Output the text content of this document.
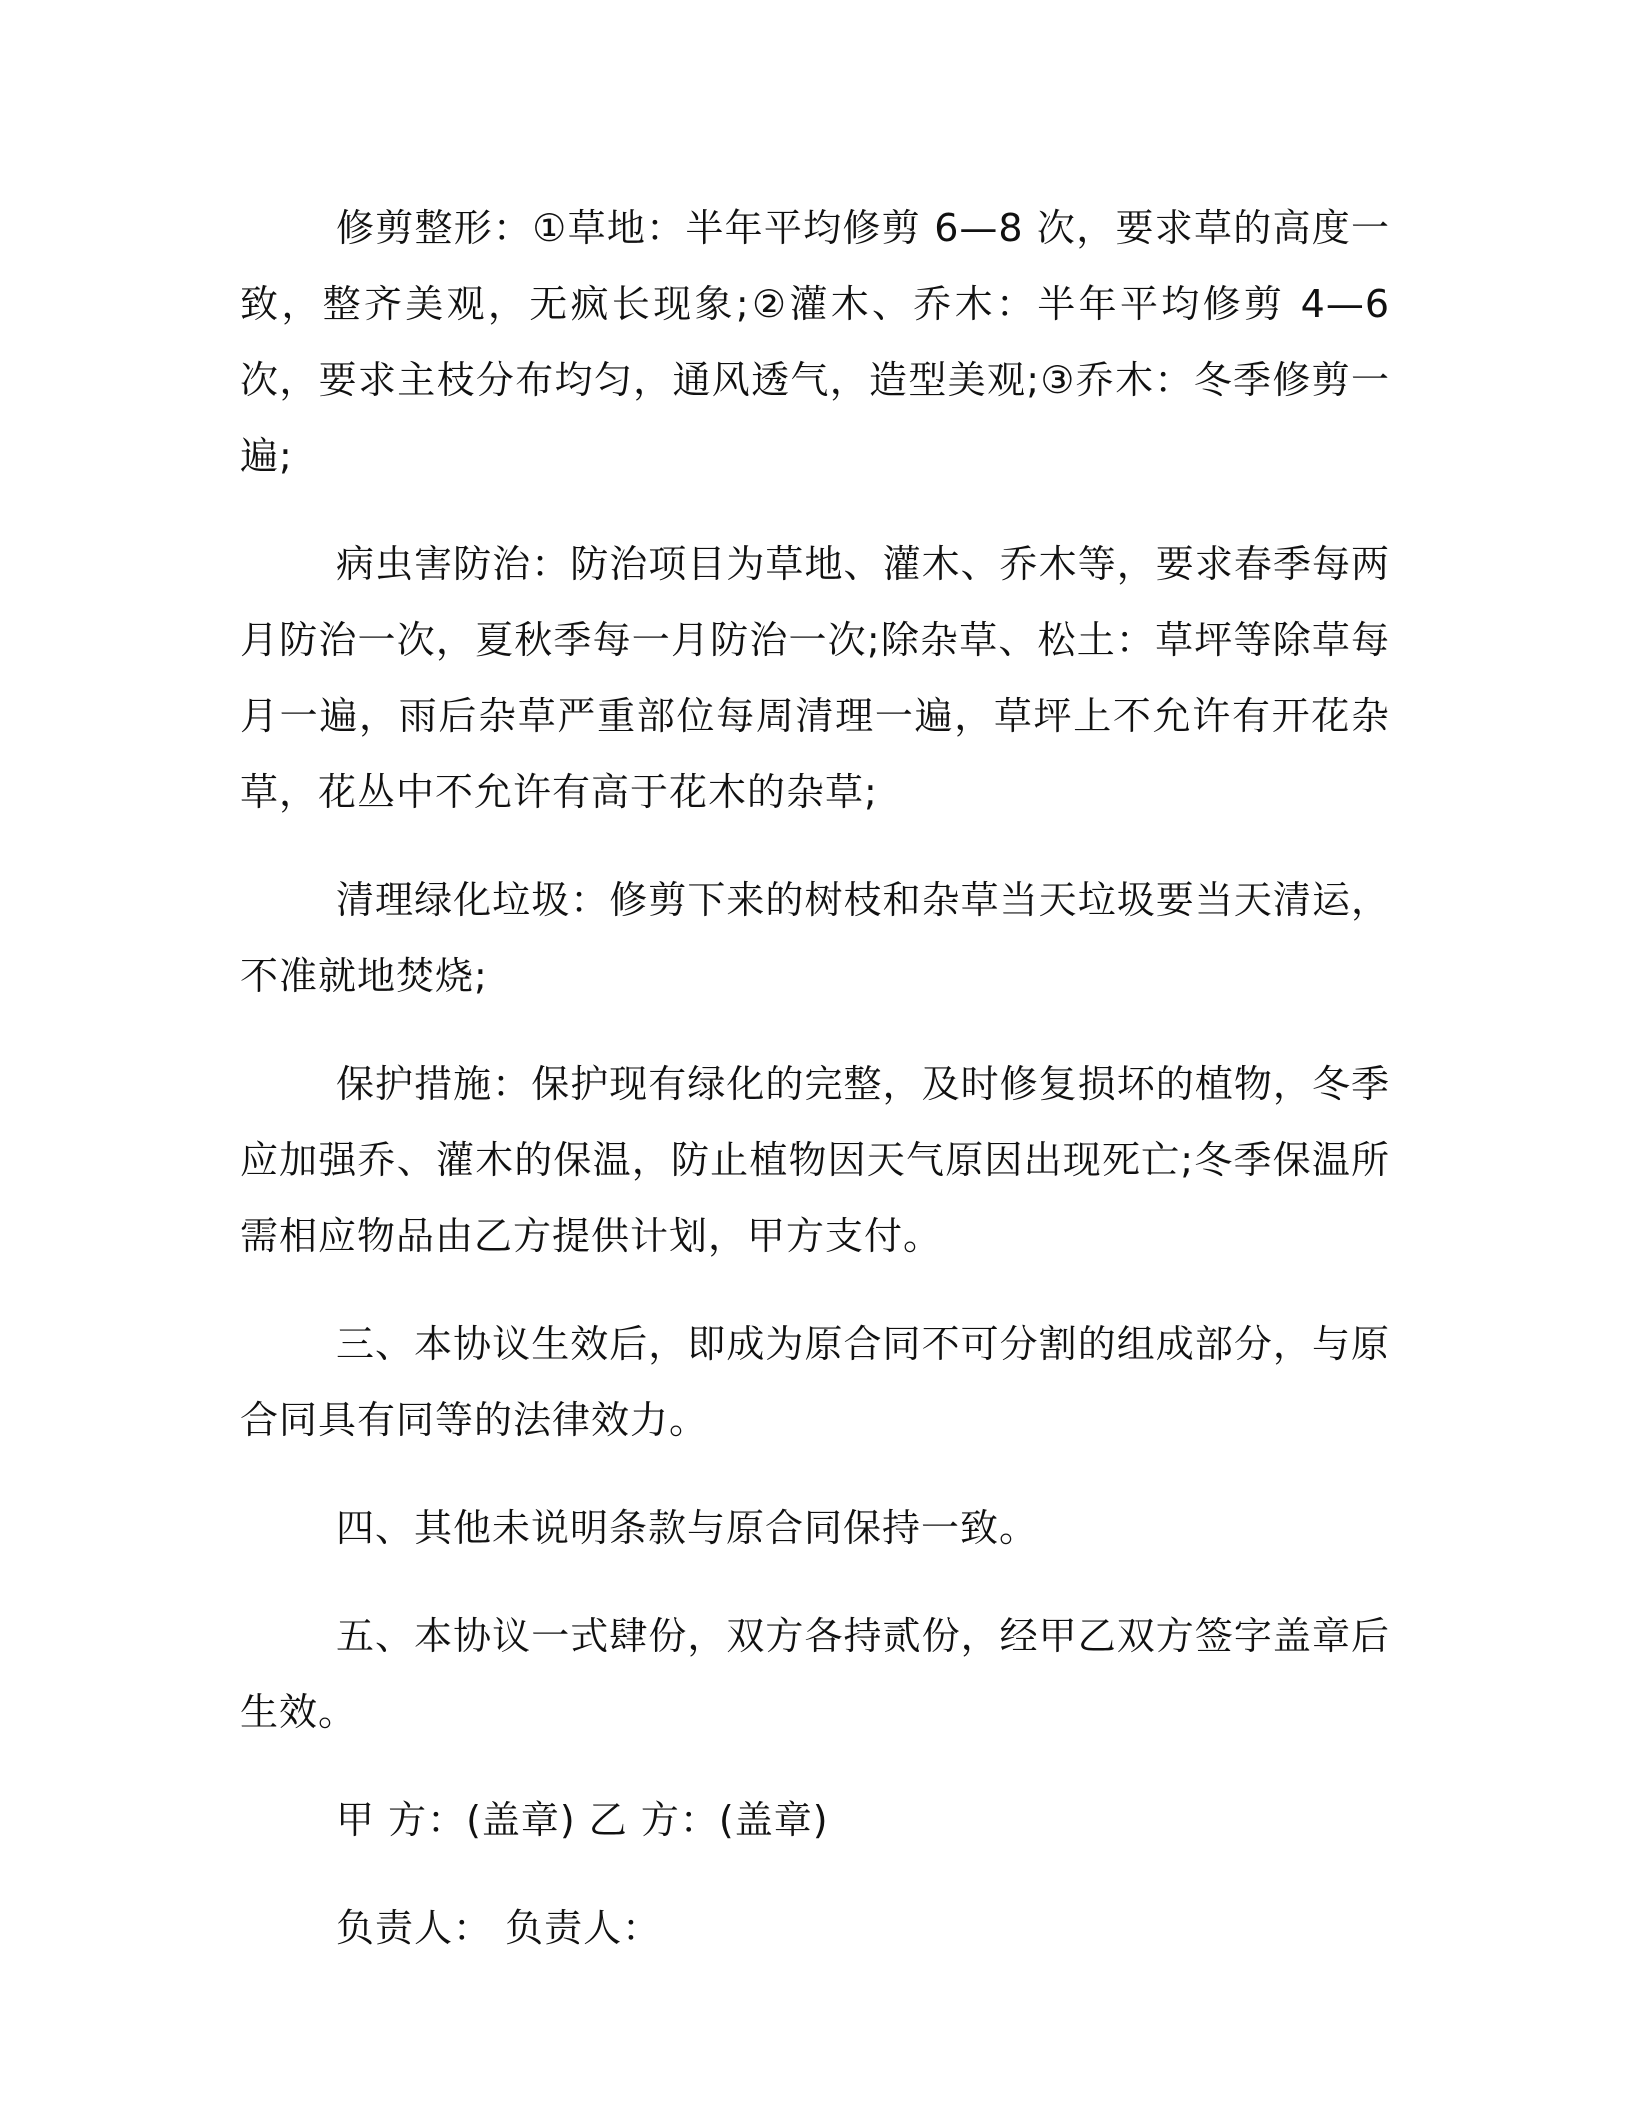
修剪整形：①草地：半年平均修剪 6—8 次，要求草的高度一致，整齐美观，无疯长现象;②灌木、乔木：半年平均修剪 4—6 次，要求主枝分布均匀，通风透气，造型美观;③乔木：冬季修剪一遍;

病虫害防治：防治项目为草地、灌木、乔木等，要求春季每两月防治一次，夏秋季每一月防治一次;除杂草、松土：草坪等除草每月一遍，雨后杂草严重部位每周清理一遍，草坪上不允许有开花杂草，花丛中不允许有高于花木的杂草;

清理绿化垃圾：修剪下来的树枝和杂草当天垃圾要当天清运，不准就地焚烧;

保护措施：保护现有绿化的完整，及时修复损坏的植物，冬季应加强乔、灌木的保温，防止植物因天气原因出现死亡;冬季保温所需相应物品由乙方提供计划，甲方支付。

三、本协议生效后，即成为原合同不可分割的组成部分，与原合同具有同等的法律效力。

四、其他未说明条款与原合同保持一致。

五、本协议一式肆份，双方各持贰份，经甲乙双方签字盖章后生效。

甲 方：(盖章) 乙 方：(盖章)

负责人： 负责人：
